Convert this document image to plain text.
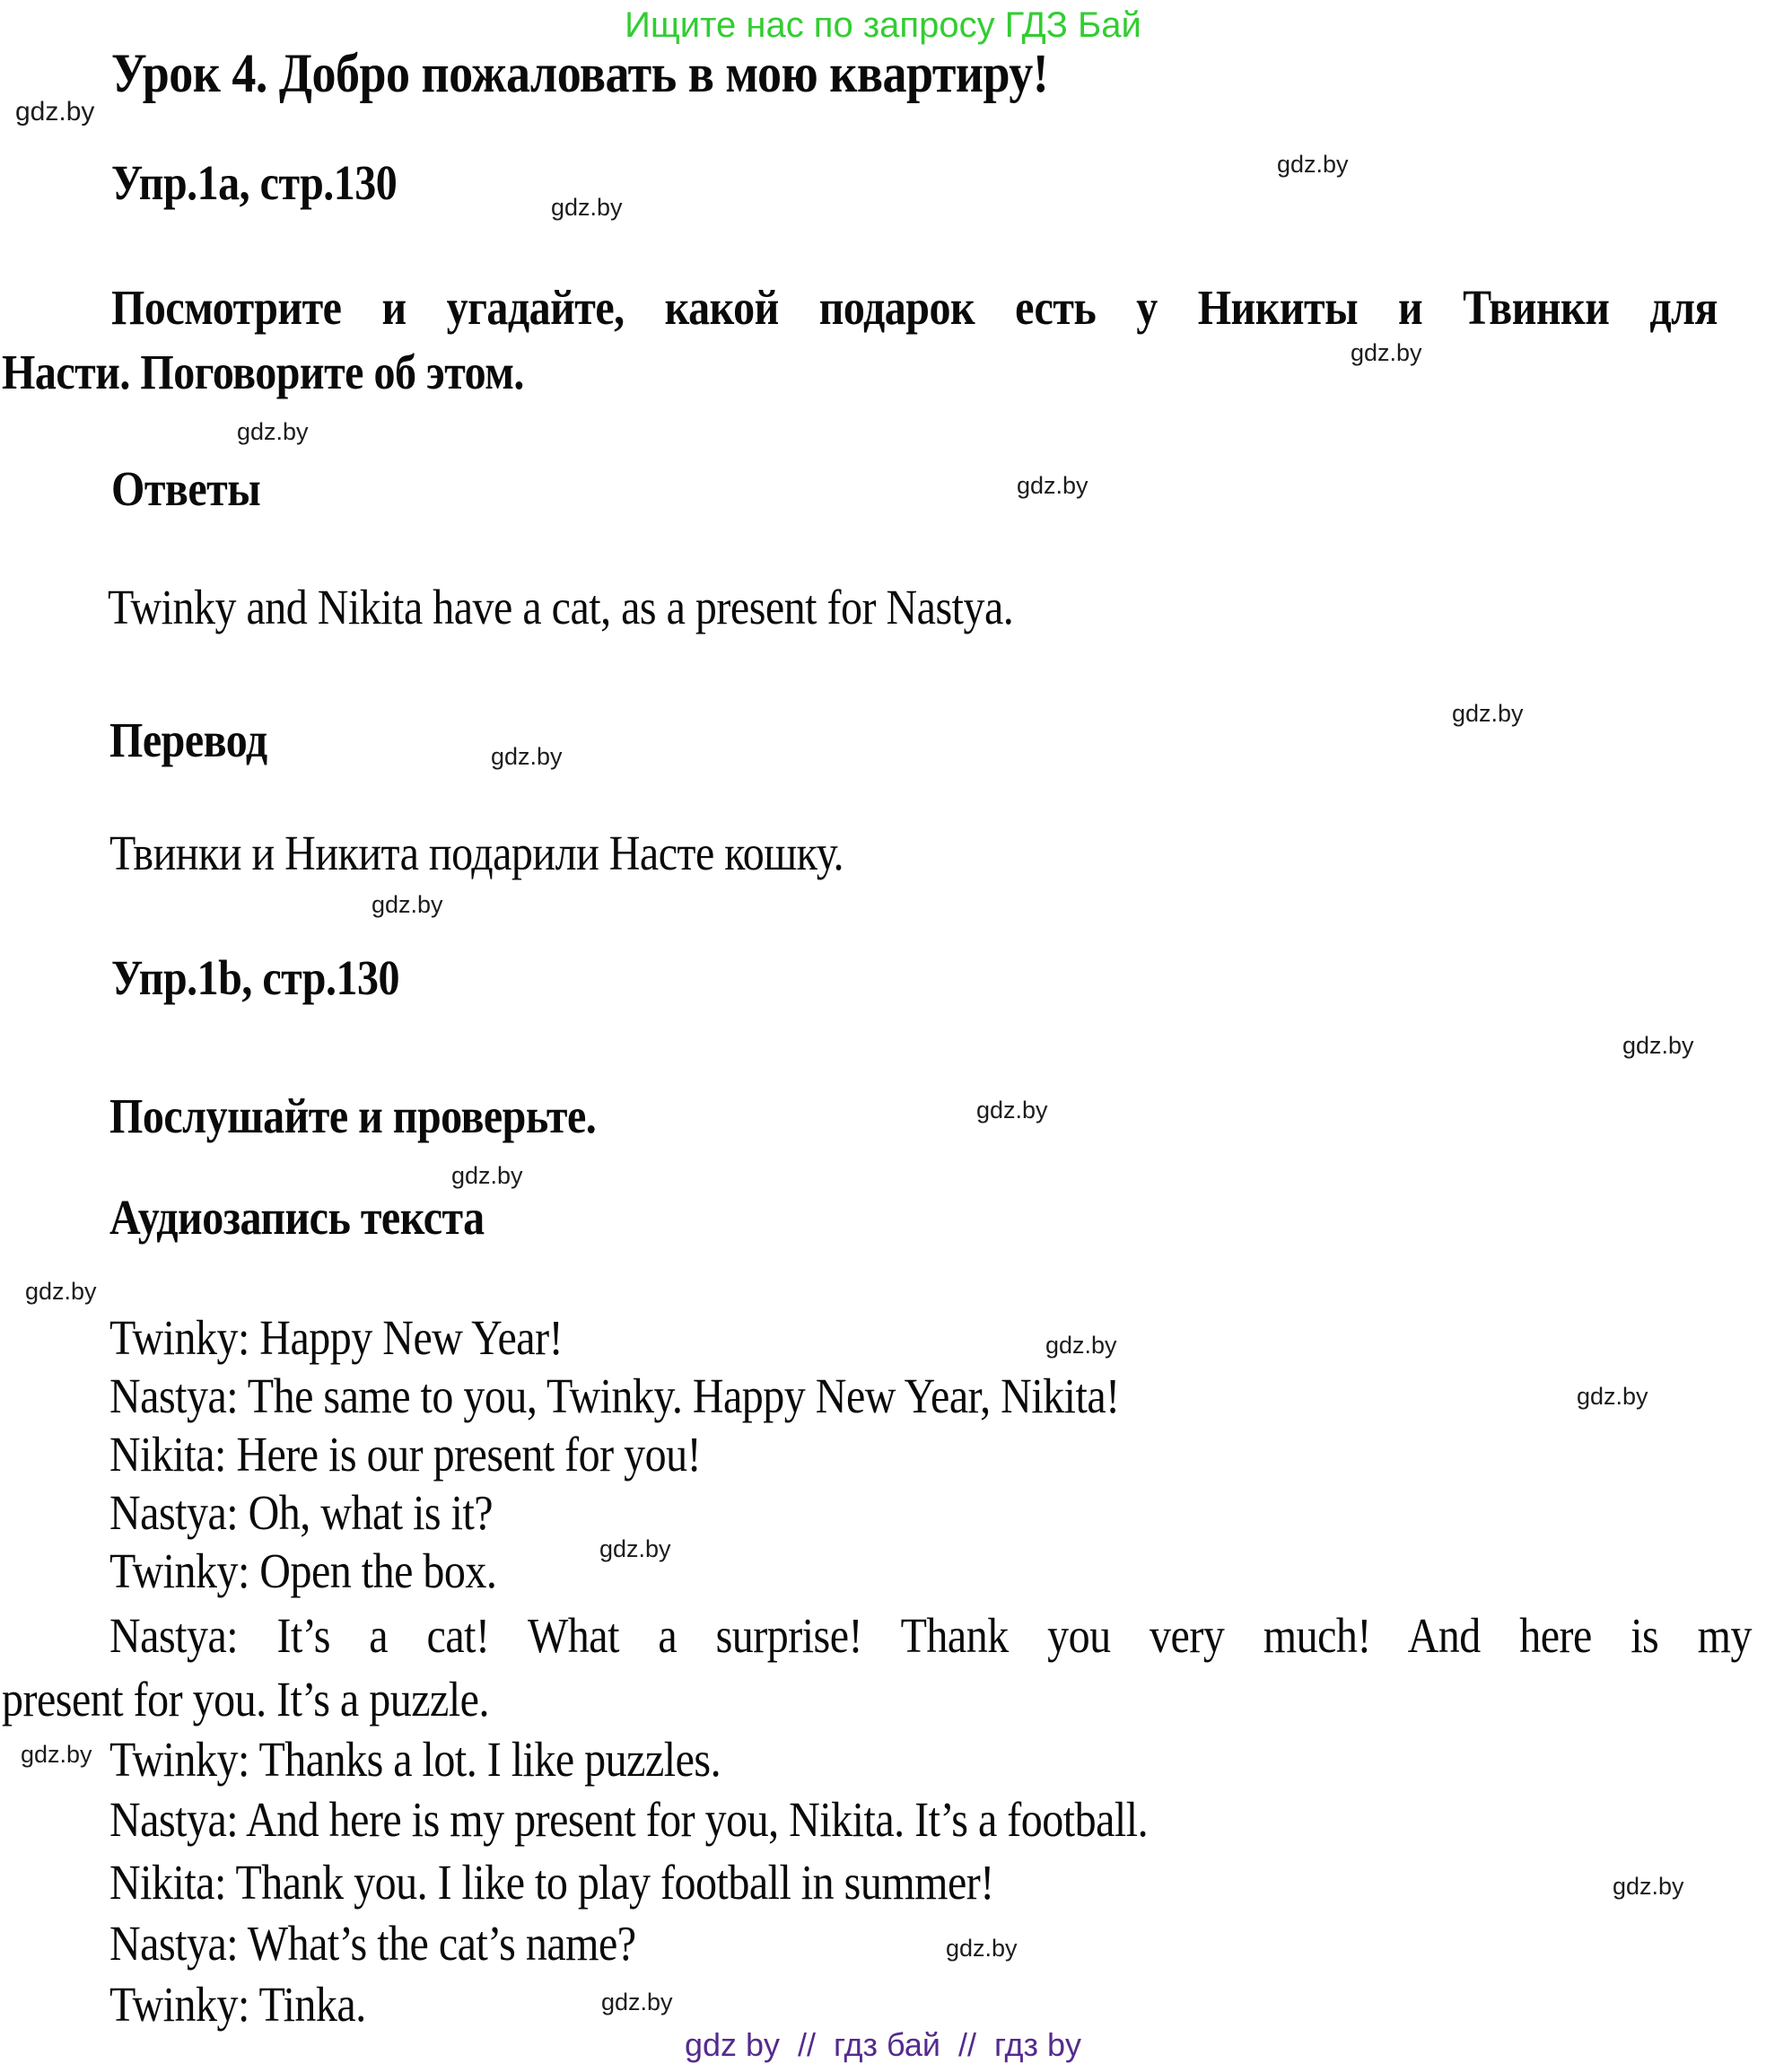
Ищите нас по запросу ГДЗ Бай
Урок 4. Добро пожаловать в мою квартиру!
Упр.1а, стр.130
Посмотрите и угадайте, какой подарок есть у Никиты и Твинки для
Насти. Поговорите об этом.
Ответы
Twinky and Nikita have a cat, as a present for Nastya.
Перевод
Твинки и Никита подарили Насте кошку.
Упр.1b, стр.130
Послушайте и проверьте.
Аудиозапись текста
Twinky: Happy New Year!
Nastya: The same to you, Twinky. Happy New Year, Nikita!
Nikita: Here is our present for you!
Nastya: Oh, what is it?
Twinky: Open the box.
Nastya: It’s a cat! What a surprise! Thank you very much! And here is my
present for you. It’s a puzzle.
Twinky: Thanks a lot. I like puzzles.
Nastya: And here is my present for you, Nikita. It’s a football.
Nikita: Thank you. I like to play football in summer!
Nastya: What’s the cat’s name?
Twinky: Tinka.
gdz.by
gdz.by
gdz.by
gdz.by
gdz.by
gdz.by
gdz.by
gdz.by
gdz.by
gdz.by
gdz.by
gdz.by
gdz.by
gdz.by
gdz.by
gdz.by
gdz.by
gdz.by
gdz.by
gdz.by
gdz by  //  гдз бай  //  гдз by
